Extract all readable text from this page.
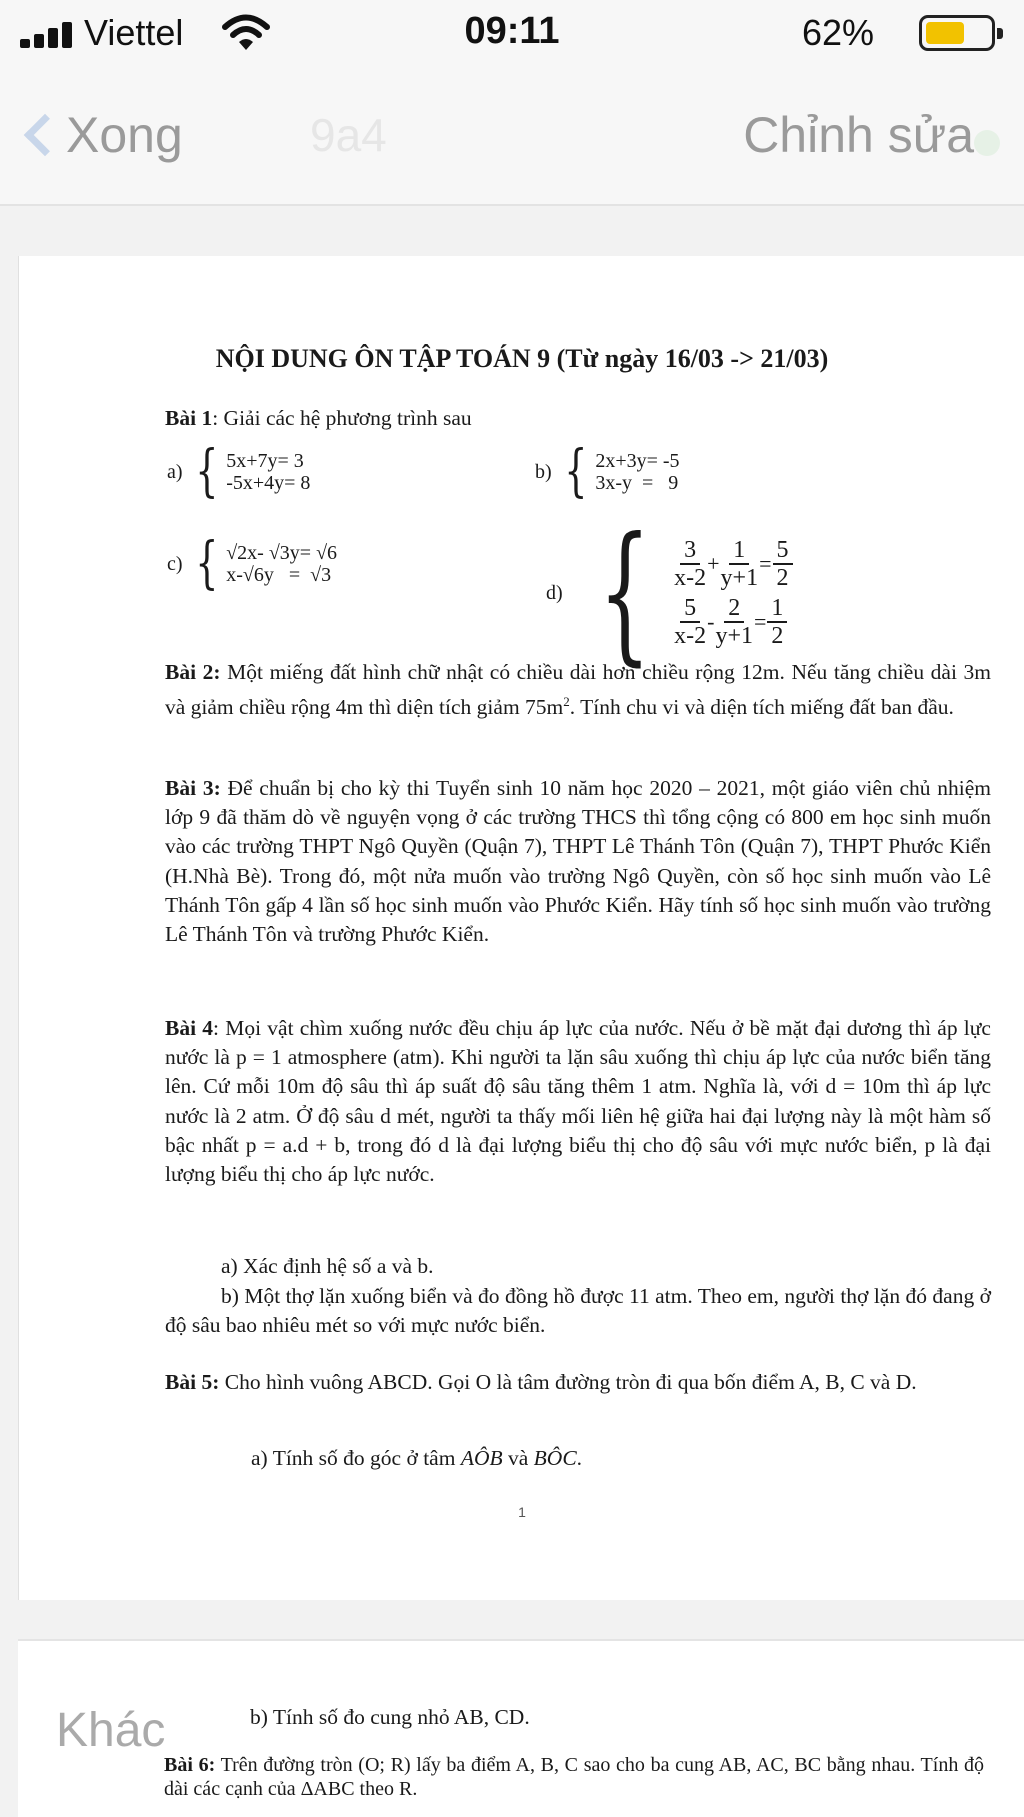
Viettel	09:11	62%
Xong	9a4	Chỉnh sửa
NỘI DUNG ÔN TẬP TOÁN 9 (Từ ngày 16/03 -> 21/03)
Bài 1: Giải các hệ phương trình sau
a) { 5x+7y= 3
-5x+4y= 8
b) { 2x+3y= -5
3x-y  =   9
c) { √2x- √3y= √6
x-√6y   =  √3
d) { $\frac{3}{x-2} + \frac{1}{y+1} = \frac{5}{2}$
$\frac{5}{x-2} - \frac{2}{y+1} = \frac{1}{2}$
Bài 2: Một miếng đất hình chữ nhật có chiều dài hơn chiều rộng 12m. Nếu tăng chiều dài 3m và giảm chiều rộng 4m thì diện tích giảm $75m^2$. Tính chu vi và diện tích miếng đất ban đầu.
Bài 3: Để chuẩn bị cho kỳ thi Tuyển sinh 10 năm học 2020 – 2021, một giáo viên chủ nhiệm lớp 9 đã thăm dò về nguyện vọng ở các trường THCS thì tổng cộng có 800 em học sinh muốn vào các trường THPT Ngô Quyền (Quận 7), THPT Lê Thánh Tôn (Quận 7), THPT Phước Kiển (H.Nhà Bè). Trong đó, một nửa muốn vào trường Ngô Quyền, còn số học sinh muốn vào Lê Thánh Tôn gấp 4 lần số học sinh muốn vào Phước Kiển. Hãy tính số học sinh muốn vào trường Lê Thánh Tôn và trường Phước Kiển.
Bài 4: Mọi vật chìm xuống nước đều chịu áp lực của nước. Nếu ở bề mặt đại dương thì áp lực nước là p = 1 atmosphere (atm). Khi người ta lặn sâu xuống thì chịu áp lực của nước biển tăng lên. Cứ mỗi 10m độ sâu thì áp suất độ sâu tăng thêm 1 atm. Nghĩa là, với d = 10m thì áp lực nước là 2 atm. Ở độ sâu d mét, người ta thấy mối liên hệ giữa hai đại lượng này là một hàm số bậc nhất p = a.d + b, trong đó d là đại lượng biểu thị cho độ sâu với mực nước biển, p là đại lượng biểu thị cho áp lực nước.
a) Xác định hệ số a và b.
b) Một thợ lặn xuống biển và đo đồng hồ được 11 atm. Theo em, người thợ lặn đó đang ở độ sâu bao nhiêu mét so với mực nước biển.
Bài 5: Cho hình vuông ABCD. Gọi O là tâm đường tròn đi qua bốn điểm A, B, C và D.
a) Tính số đo góc ở tâm AÔB và BÔC.
1
b) Tính số đo cung nhỏ AB, CD.
Bài 6: Trên đường tròn (O; R) lấy ba điểm A, B, C sao cho ba cung AB, AC, BC bằng nhau. Tính độ dài các cạnh của ΔABC theo R.
Khác
